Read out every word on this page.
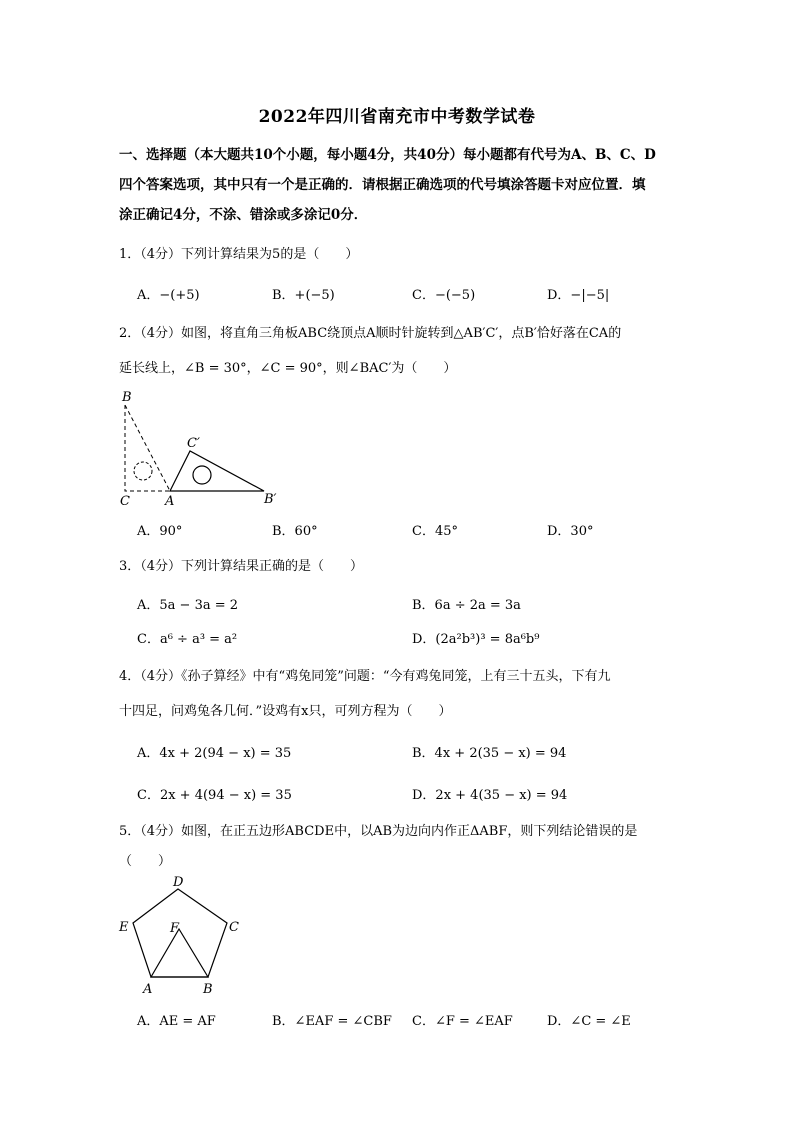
2022年四川省南充市中考数学试卷
一、选择题（本大题共10个小题，每小题4分，共40分）每小题都有代号为A、B、C、D
四个答案选项，其中只有一个是正确的．请根据正确选项的代号填涂答题卡对应位置．填
涂正确记4分，不涂、错涂或多涂记0分．
1．（4分）下列计算结果为5的是（　　）
A．−(+5)	B．+(−5)	C．−(−5)	D．−|−5|
2．（4分）如图，将直角三角板ABC绕顶点A顺时针旋转到△AB′C′，点B′恰好落在CA的
延长线上，∠B = 30°，∠C = 90°，则∠BAC′为（　　）
B
C	A
C′
B′
A．90°	B．60°	C．45°	D．30°
3．（4分）下列计算结果正确的是（　　）
A．5a − 3a = 2	B．6a ÷ 2a = 3a
C．a⁶ ÷ a³ = a²	D．(2a²b³)³ = 8a⁶b⁹
4．（4分）《孙子算经》中有“鸡兔同笼”问题：“今有鸡兔同笼，上有三十五头，下有九
十四足，问鸡兔各几何．”设鸡有x只，可列方程为（　　）
A．4x + 2(94 − x) = 35	B．4x + 2(35 − x) = 94
C．2x + 4(94 − x) = 35	D．2x + 4(35 − x) = 94
5．（4分）如图，在正五边形ABCDE中，以AB为边向内作正ΔABF，则下列结论错误的是
（　　）
D
E	C
F
A	B
A．AE = AF	B．∠EAF = ∠CBF C．∠F = ∠EAF	D．∠C = ∠E
